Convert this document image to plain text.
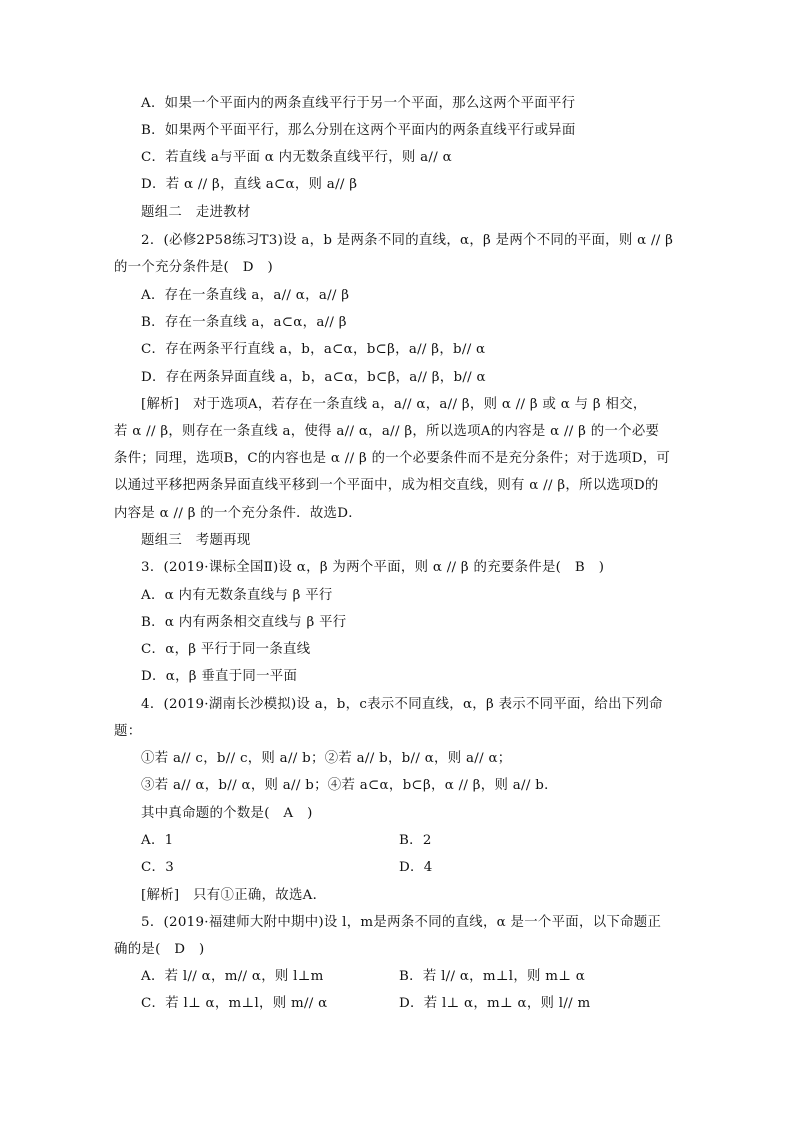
A．如果一个平面内的两条直线平行于另一个平面，那么这两个平面平行
B．如果两个平面平行，那么分别在这两个平面内的两条直线平行或异面
C．若直线 a与平面 α 内无数条直线平行，则 a// α
D．若 α // β，直线 a⊂α，则 a// β
题组二　走进教材
2．(必修2P58练习T3)设 a，b 是两条不同的直线，α，β 是两个不同的平面，则 α // β
的一个充分条件是(　D　)
A．存在一条直线 a，a// α，a// β
B．存在一条直线 a，a⊂α，a// β
C．存在两条平行直线 a，b，a⊂α，b⊂β，a// β，b// α
D．存在两条异面直线 a，b，a⊂α，b⊂β，a// β，b// α
[解析]　对于选项A，若存在一条直线 a，a// α，a// β，则 α // β 或 α 与 β 相交，
若 α // β，则存在一条直线 a，使得 a// α，a// β，所以选项A的内容是 α // β 的一个必要
条件；同理，选项B，C的内容也是 α // β 的一个必要条件而不是充分条件；对于选项D，可
以通过平移把两条异面直线平移到一个平面中，成为相交直线，则有 α // β，所以选项D的
内容是 α // β 的一个充分条件．故选D．
题组三　考题再现
3．(2019·课标全国Ⅱ)设 α，β 为两个平面，则 α // β 的充要条件是(　B　)
A．α 内有无数条直线与 β 平行
B．α 内有两条相交直线与 β 平行
C．α，β 平行于同一条直线
D．α，β 垂直于同一平面
4．(2019·湖南长沙模拟)设 a，b，c表示不同直线，α，β 表示不同平面，给出下列命
题：
①若 a// c，b// c，则 a// b；②若 a// b，b// α，则 a// α；
③若 a// α，b// α，则 a// b；④若 a⊂α，b⊂β，α // β，则 a// b．
其中真命题的个数是(　A　)
A．1	B．2
C．3	D．4
[解析]　只有①正确，故选A．
5．(2019·福建师大附中期中)设 l，m是两条不同的直线，α 是一个平面，以下命题正
确的是(　D　)
A．若 l// α，m// α，则 l⊥m	B．若 l// α，m⊥l，则 m⊥ α
C．若 l⊥ α，m⊥l，则 m// α	D．若 l⊥ α，m⊥ α，则 l// m
